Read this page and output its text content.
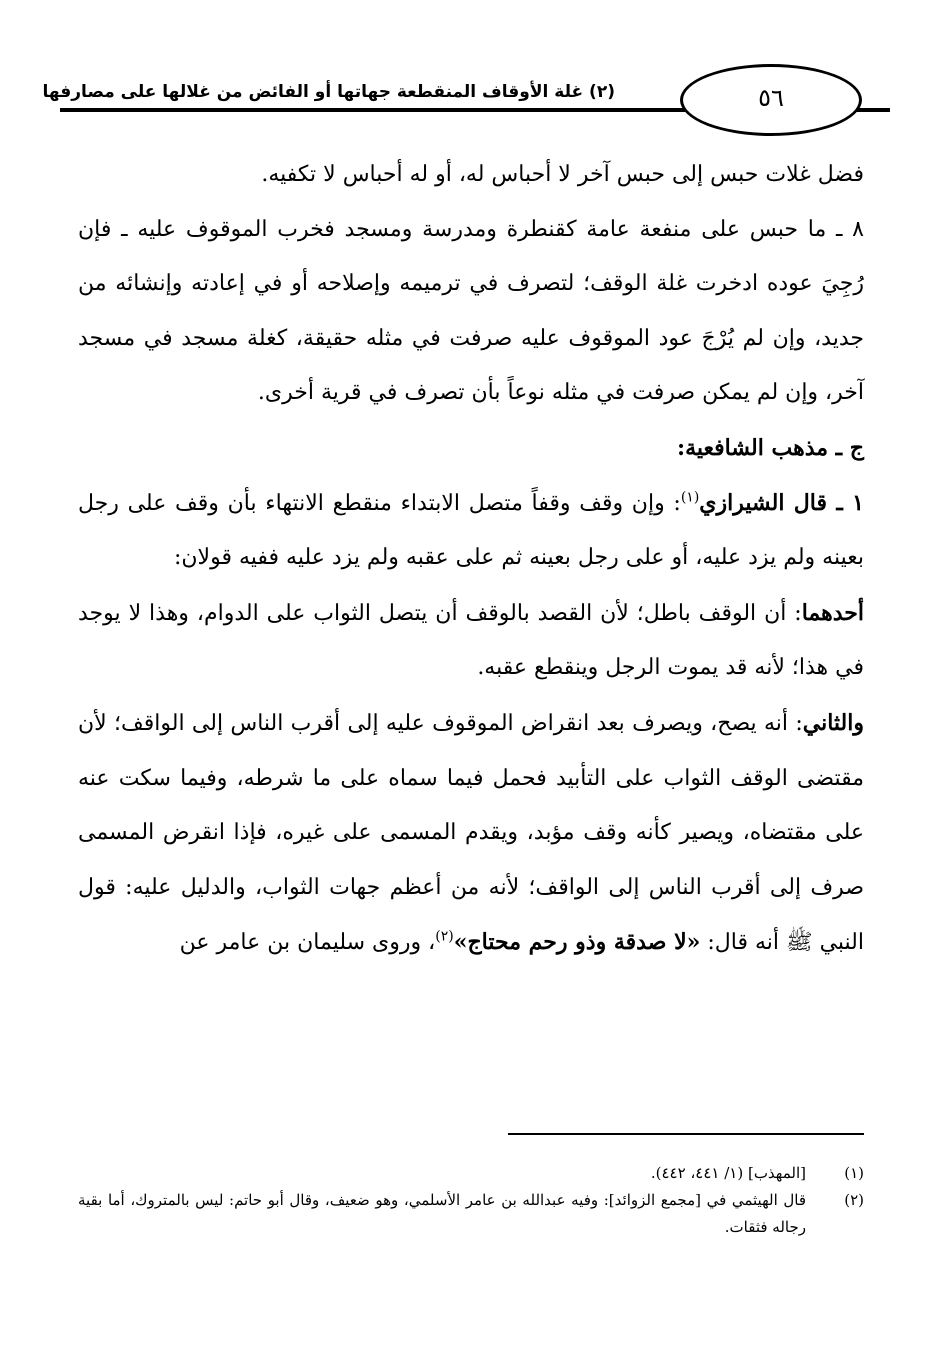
(٢) غلة الأوقاف المنقطعة جهاتها أو الفائض من غلالها على مصارفها	٥٦

فضل غلات حبس إلى حبس آخر لا أحباس له، أو له أحباس لا تكفيه.

٨ ـ ما حبس على منفعة عامة كقنطرة ومدرسة ومسجد فخرب الموقوف عليه ـ فإن رُجِيَ عوده ادخرت غلة الوقف؛ لتصرف في ترميمه وإصلاحه أو في إعادته وإنشائه من جديد، وإن لم يُرْجَ عود الموقوف عليه صرفت في مثله حقيقة، كغلة مسجد في مسجد آخر، وإن لم يمكن صرفت في مثله نوعاً بأن تصرف في قرية أخرى.

ج ـ مذهب الشافعية:

١ ـ قال الشيرازي$^{(١)}$: وإن وقف وقفاً متصل الابتداء منقطع الانتهاء بأن وقف على رجل بعينه ولم يزد عليه، أو على رجل بعينه ثم على عقبه ولم يزد عليه ففيه قولان:

أحدهما: أن الوقف باطل؛ لأن القصد بالوقف أن يتصل الثواب على الدوام، وهذا لا يوجد في هذا؛ لأنه قد يموت الرجل وينقطع عقبه.

والثاني: أنه يصح، ويصرف بعد انقراض الموقوف عليه إلى أقرب الناس إلى الواقف؛ لأن مقتضى الوقف الثواب على التأبيد فحمل فيما سماه على ما شرطه، وفيما سكت عنه على مقتضاه، ويصير كأنه وقف مؤبد، ويقدم المسمى على غيره، فإذا انقرض المسمى صرف إلى أقرب الناس إلى الواقف؛ لأنه من أعظم جهات الثواب، والدليل عليه: قول النبي ﷺ أنه قال: «لا صدقة وذو رحم محتاج»$^{(٢)}$، وروى سليمان بن عامر عن

(١)
[المهذب] (١/ ٤٤١، ٤٤٢).
(٢)
قال الهيثمي في [مجمع الزوائد]: وفيه عبدالله بن عامر الأسلمي، وهو ضعيف، وقال أبو حاتم: ليس بالمتروك، أما بقية رجاله فثقات.
